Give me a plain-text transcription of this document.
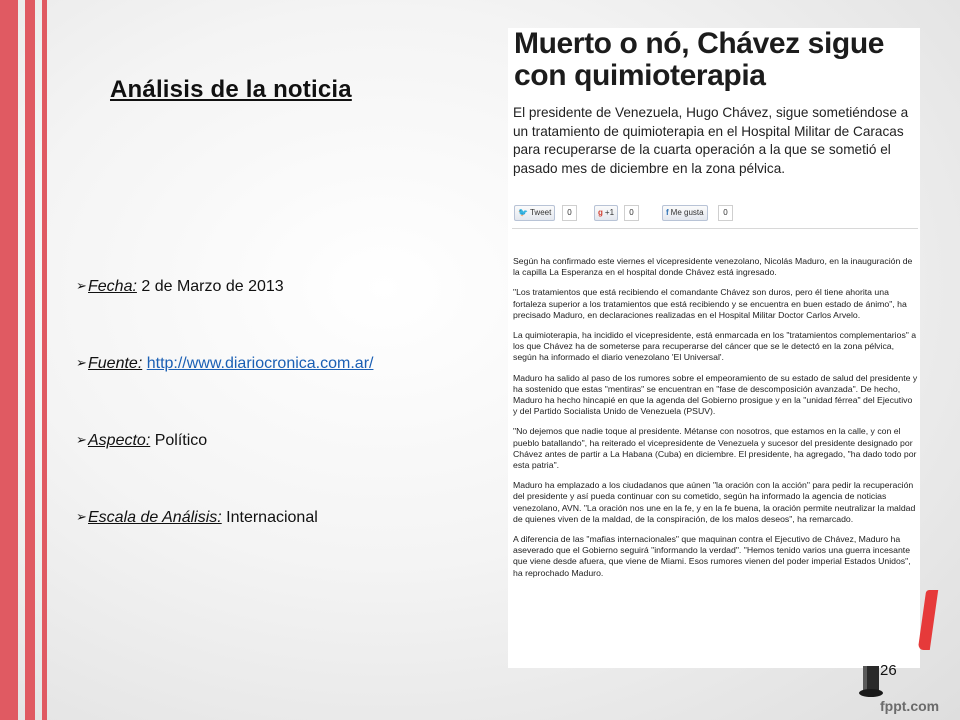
Análisis de la noticia
➢Fecha: 2 de Marzo de 2013
➢Fuente: http://www.diariocronica.com.ar/
➢Aspecto: Político
➢Escala de Análisis: Internacional
Muerto o nó, Chávez sigue con quimioterapia
El presidente de Venezuela, Hugo Chávez, sigue sometiéndose a un tratamiento de quimioterapia en el Hospital Militar de Caracas para recuperarse de la cuarta operación a la que se sometió el pasado mes de diciembre en la zona pélvica.
🐦 Tweet	0	g +1	0	f Me gusta	0

Según ha confirmado este viernes el vicepresidente venezolano, Nicolás Maduro, en la inauguración de la capilla La Esperanza en el hospital donde Chávez está ingresado.

"Los tratamientos que está recibiendo el comandante Chávez son duros, pero él tiene ahorita una fortaleza superior a los tratamientos que está recibiendo y se encuentra en buen estado de ánimo", ha precisado Maduro, en declaraciones realizadas en el Hospital Militar Doctor Carlos Arvelo.

La quimioterapia, ha incidido el vicepresidente, está enmarcada en los "tratamientos complementarios" a los que Chávez ha de someterse para recuperarse del cáncer que se le detectó en la zona pélvica, según ha informado el diario venezolano 'El Universal'.

Maduro ha salido al paso de los rumores sobre el empeoramiento de su estado de salud del presidente y ha sostenido que estas "mentiras" se encuentran en "fase de descomposición avanzada". De hecho, Maduro ha hecho hincapié en que la agenda del Gobierno prosigue y en la "unidad férrea" del Ejecutivo y del Partido Socialista Unido de Venezuela (PSUV).

"No dejemos que nadie toque al presidente. Métanse con nosotros, que estamos en la calle, y con el pueblo batallando", ha reiterado el vicepresidente de Venezuela y sucesor del presidente designado por Chávez antes de partir a La Habana (Cuba) en diciembre. El presidente, ha agregado, "ha dado todo por esta patria".

Maduro ha emplazado a los ciudadanos que aúnen "la oración con la acción" para pedir la recuperación del presidente y así pueda continuar con su cometido, según ha informado la agencia de noticias venezolano, AVN. "La oración nos une en la fe, y en la fe buena, la oración permite neutralizar la maldad de quienes viven de la maldad, de la conspiración, de los malos deseos", ha remarcado.

A diferencia de las "mafias internacionales" que maquinan contra el Ejecutivo de Chávez, Maduro ha aseverado que el Gobierno seguirá "informando la verdad". "Hemos tenido varios una guerra incesante que viene desde afuera, que viene de Miami. Esos rumores vienen del poder imperial Estados Unidos", ha reprochado Maduro.

26
fppt.com
